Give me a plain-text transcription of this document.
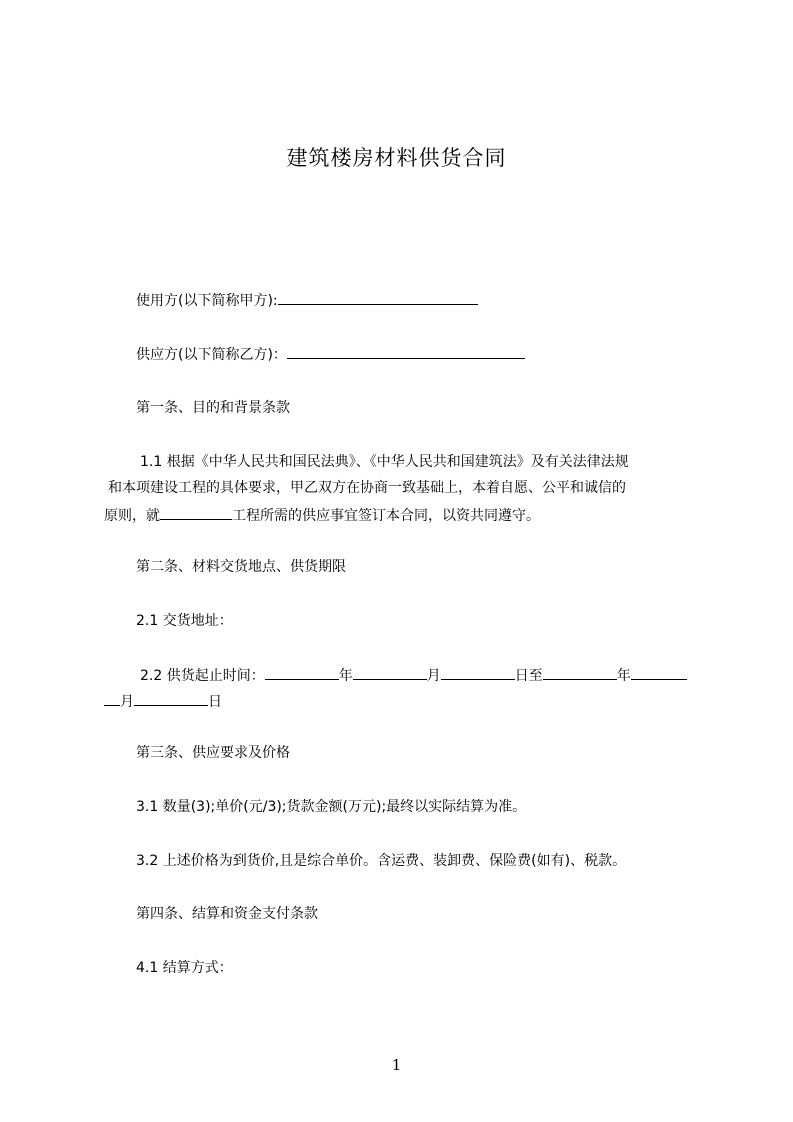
建筑楼房材料供货合同
使用方(以下简称甲方):
供应方(以下简称乙方)：
第一条、目的和背景条款
1.1 根据《中华人民共和国民法典》、《中华人民共和国建筑法》及有关法律法规
和本项建设工程的具体要求，甲乙双方在协商一致基础上，本着自愿、公平和诚信的
原则，就	工程所需的供应事宜签订本合同，以资共同遵守。
第二条、材料交货地点、供货期限
2.1 交货地址：
2.2 供货起止时间：	年	月	日至	年
月	日
第三条、供应要求及价格
3.1 数量(3);单价(元/3);货款金额(万元);最终以实际结算为准。
3.2 上述价格为到货价,且是综合单价。含运费、装卸费、保险费(如有)、税款。
第四条、结算和资金支付条款
4.1 结算方式：
1
